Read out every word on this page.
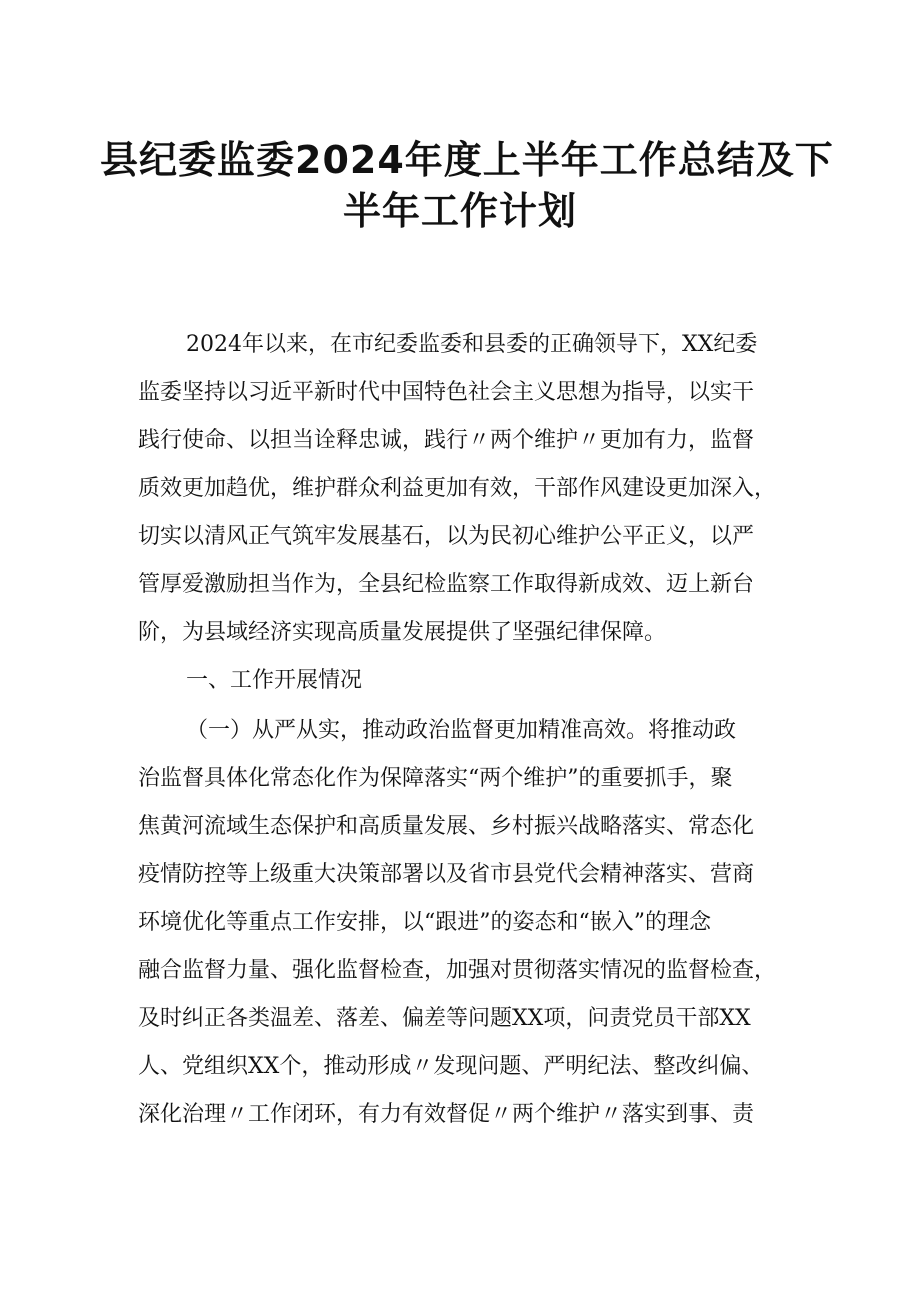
县纪委监委2024年度上半年工作总结及下
半年工作计划
2024年以来，在市纪委监委和县委的正确领导下，XX纪委
监委坚持以习近平新时代中国特色社会主义思想为指导，以实干
践行使命、以担当诠释忠诚，践行〃两个维护〃更加有力，监督
质效更加趋优，维护群众利益更加有效，干部作风建设更加深入，
切实以清风正气筑牢发展基石，以为民初心维护公平正义，以严
管厚爱激励担当作为，全县纪检监察工作取得新成效、迈上新台
阶，为县域经济实现高质量发展提供了坚强纪律保障。
一、工作开展情况
（一）从严从实，推动政治监督更加精准高效。将推动政
治监督具体化常态化作为保障落实“两个维护”的重要抓手，聚
焦黄河流域生态保护和高质量发展、乡村振兴战略落实、常态化
疫情防控等上级重大决策部署以及省市县党代会精神落实、营商
环境优化等重点工作安排，以“跟进”的姿态和“嵌入”的理念
融合监督力量、强化监督检查，加强对贯彻落实情况的监督检查，
及时纠正各类温差、落差、偏差等问题XX项，问责党员干部XX
人、党组织XX个，推动形成〃发现问题、严明纪法、整改纠偏、
深化治理〃工作闭环，有力有效督促〃两个维护〃落实到事、责
